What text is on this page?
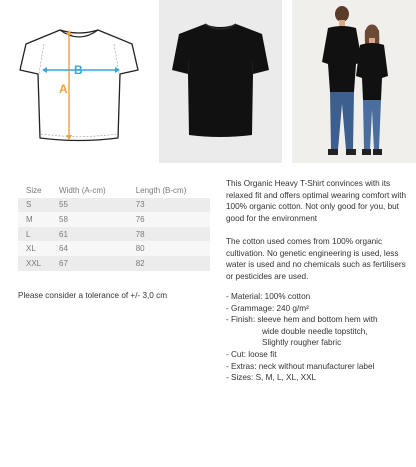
B
A
Size	Width (A-cm)	Length (B-cm)
S	55	73
M	58	76
L	61	78
XL	64	80
XXL	67	82
Please consider a tolerance of +/- 3,0 cm
This Organic Heavy T-Shirt convinces with its relaxed fit and offers optimal wearing comfort with 100% organic cotton. Not only good for you, but good for the environment
The cotton used comes from 100% organic cultivation. No genetic engineering is used, less water is used and no chemicals such as fertilisers or pesticides are used.
- Material: 100% cotton
- Grammage: 240 g/m²
- Finish: sleeve hem and bottom hem with
wide double needle topstitch,
Slightly rougher fabric
- Cut: loose fit
- Extras: neck without manufacturer label
- Sizes: S, M, L, XL, XXL
